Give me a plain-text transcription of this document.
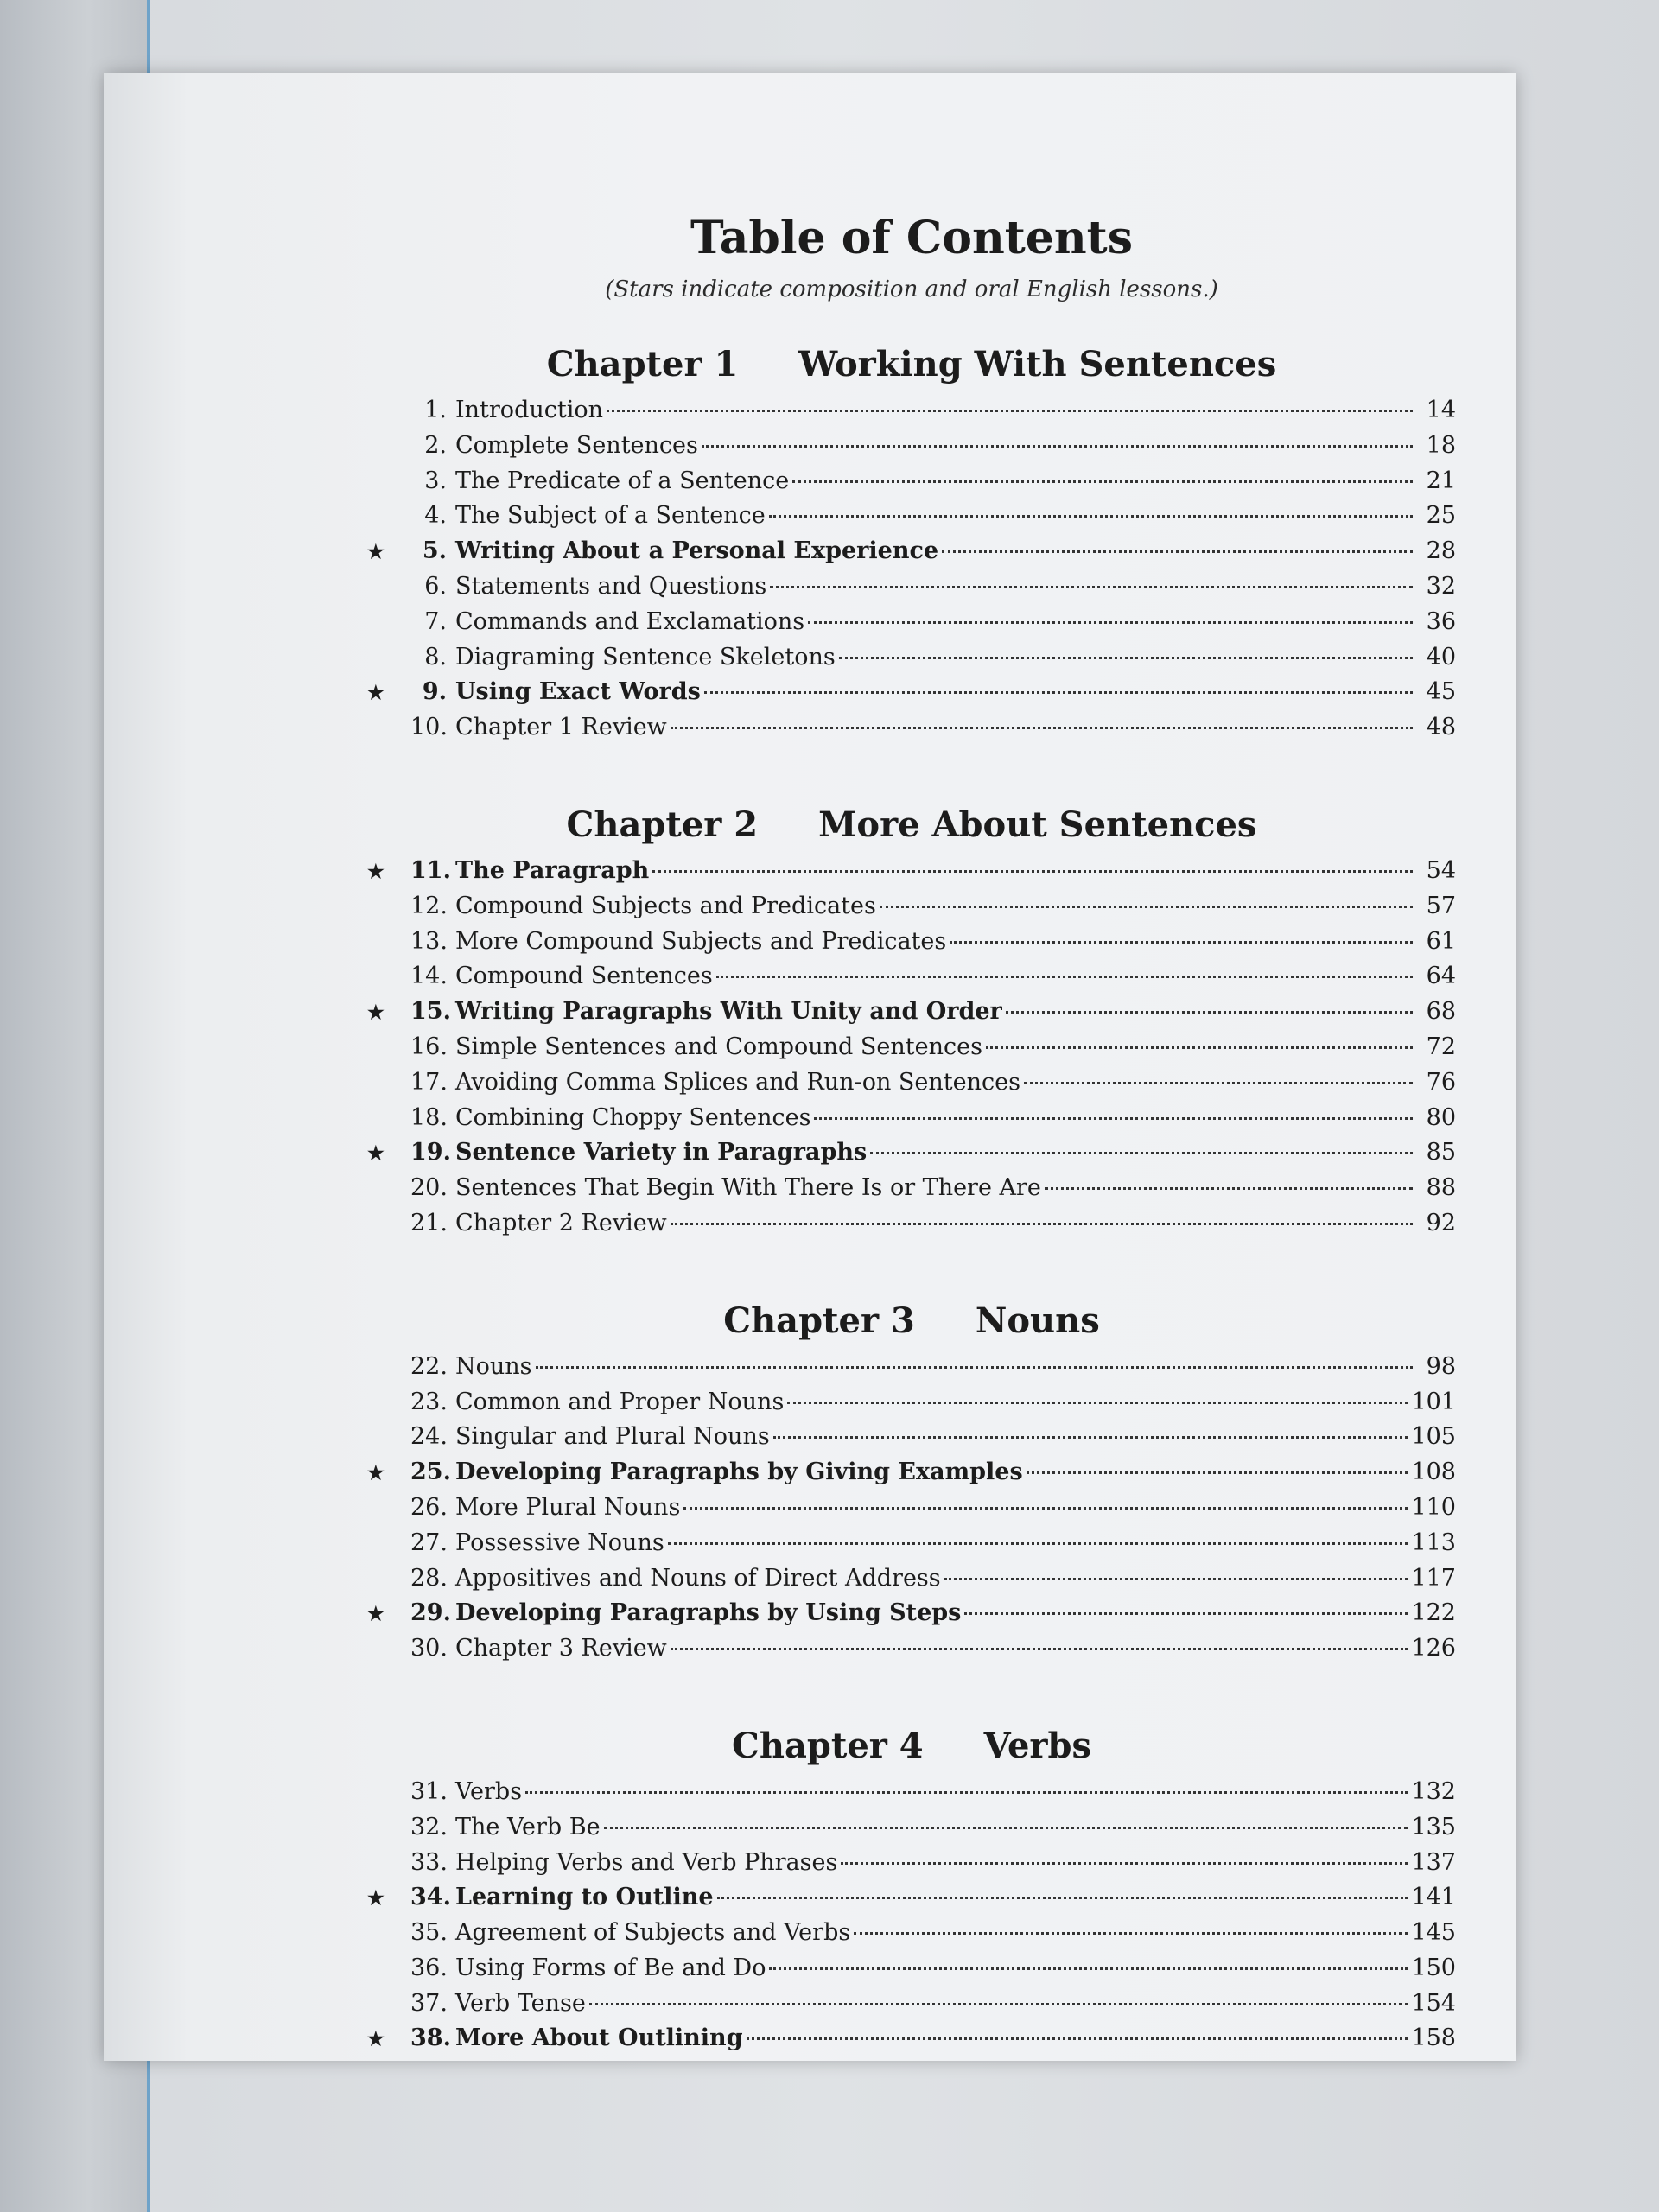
Table of Contents

(Stars indicate composition and oral English lessons.)

Chapter 1 Working With Sentences
1. Introduction	14
2. Complete Sentences	18
3. The Predicate of a Sentence	21
4. The Subject of a Sentence	25
★	5. Writing About a Personal Experience	28
6. Statements and Questions	32
7. Commands and Exclamations	36
8. Diagraming Sentence Skeletons	40
★	9. Using Exact Words	45
10. Chapter 1 Review	48
Chapter 2 More About Sentences
★	11. The Paragraph	54
12. Compound Subjects and Predicates	57
13. More Compound Subjects and Predicates	61
14. Compound Sentences	64
★	15. Writing Paragraphs With Unity and Order	68
16. Simple Sentences and Compound Sentences	72
17. Avoiding Comma Splices and Run-on Sentences	76
18. Combining Choppy Sentences	80
★	19. Sentence Variety in Paragraphs	85
20. Sentences That Begin With There Is or There Are	88
21. Chapter 2 Review	92
Chapter 3 Nouns
22. Nouns	98
23. Common and Proper Nouns	101
24. Singular and Plural Nouns	105
★	25. Developing Paragraphs by Giving Examples	108
26. More Plural Nouns	110
27. Possessive Nouns	113
28. Appositives and Nouns of Direct Address	117
★	29. Developing Paragraphs by Using Steps	122
30. Chapter 3 Review	126
Chapter 4 Verbs
31. Verbs	132
32. The Verb Be	135
33. Helping Verbs and Verb Phrases	137
★	34. Learning to Outline	141
35. Agreement of Subjects and Verbs	145
36. Using Forms of Be and Do	150
37. Verb Tense	154
★	38. More About Outlining	158
